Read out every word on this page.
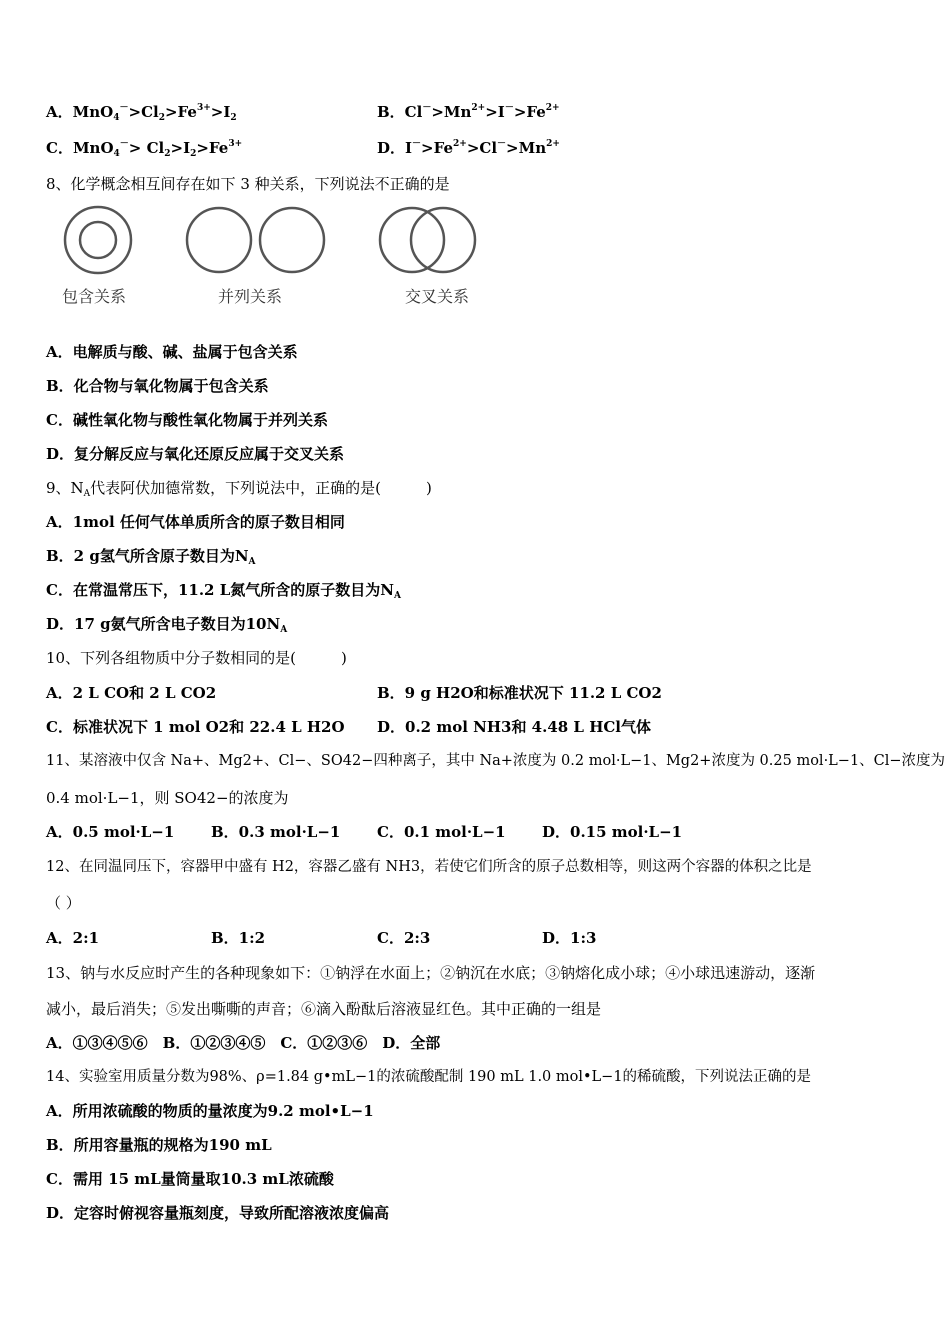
A．$MnO_4^->Cl_2>Fe^{3+}>I_2$	B．$Cl^->Mn^{2+}>I^->Fe^{2+}$
C．$MnO_4^-> Cl_2>I_2>Fe^{3+}$	D．$I^->Fe^{2+}>Cl^->Mn^{2+}$
8、化学概念相互间存在如下 3 种关系，下列说法不正确的是
包含关系	并列关系	交叉关系
A．电解质与酸、碱、盐属于包含关系
B．化合物与氧化物属于包含关系
C．碱性氧化物与酸性氧化物属于并列关系
D．复分解反应与氧化还原反应属于交叉关系
9、$N_A$代表阿伏加德常数，下列说法中，正确的是(　　　)
A．1mol 任何气体单质所含的原子数目相同
B．2 g氢气所含原子数目为$N_A$
C．在常温常压下，11.2 L氮气所含的原子数目为$N_A$
D．17 g氨气所含电子数目为$10N_A$
10、下列各组物质中分子数相同的是(　　　)
A．2 L CO和 2 L CO2	B．9 g H2O和标准状况下 11.2 L CO2
C．标准状况下 1 mol O2和 22.4 L H2O D．0.2 mol NH3和 4.48 L HCl气体
11、某溶液中仅含 Na+、Mg2+、Cl−、SO42−四种离子，其中 Na+浓度为 0.2 mol·L−1、Mg2+浓度为 0.25 mol·L−1、Cl−浓度为
0.4 mol·L−1，则 SO42−的浓度为
A．0.5 mol·L−1 B．0.3 mol·L−1 C．0.1 mol·L−1 D．0.15 mol·L−1
12、在同温同压下，容器甲中盛有 H2，容器乙盛有 NH3，若使它们所含的原子总数相等，则这两个容器的体积之比是
（ ）
A．2:1	B．1:2	C．2:3	D．1:3
13、钠与水反应时产生的各种现象如下：①钠浮在水面上；②钠沉在水底；③钠熔化成小球；④小球迅速游动，逐渐
减小，最后消失；⑤发出嘶嘶的声音；⑥滴入酚酞后溶液显红色。其中正确的一组是
A．①③④⑤⑥　B．①②③④⑤　C．①②③⑥　D．全部
14、实验室用质量分数为98%、ρ=1.84 g•mL−1的浓硫酸配制 190 mL 1.0 mol•L−1的稀硫酸，下列说法正确的是
A．所用浓硫酸的物质的量浓度为9.2 mol•L−1
B．所用容量瓶的规格为190 mL
C．需用 15 mL量筒量取10.3 mL浓硫酸
D．定容时俯视容量瓶刻度，导致所配溶液浓度偏高
